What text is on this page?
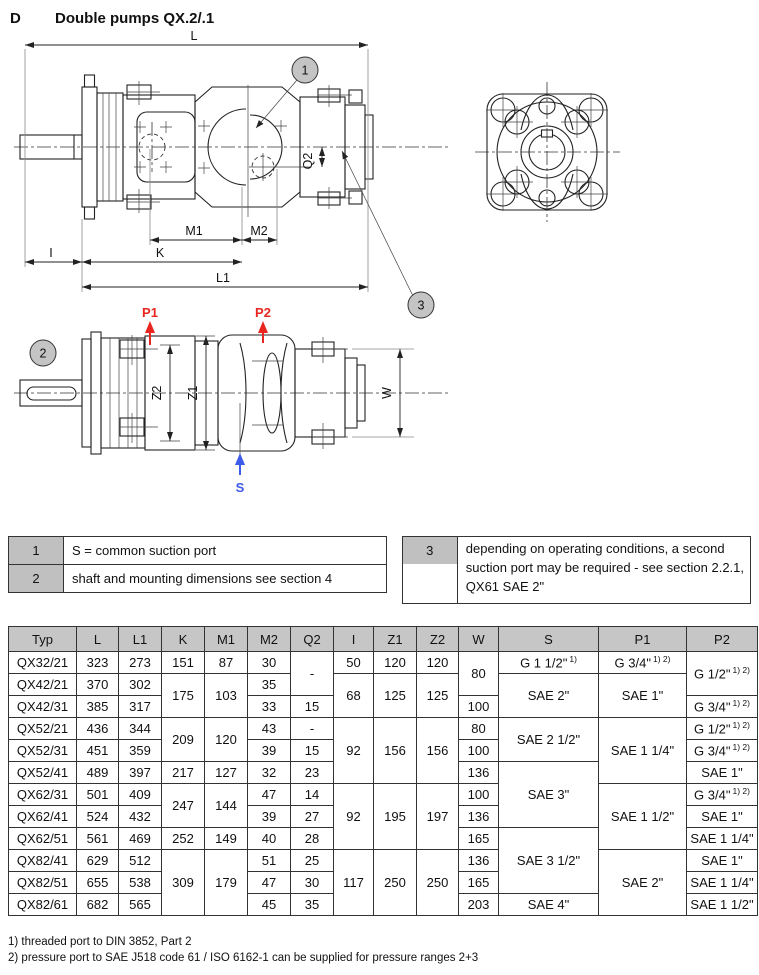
D	Double pumps QX.2/.1
Q2
L
M1	M2
I	K
L1
1
3
Z2 Z1	W
P1	P2
S
2
1	S = common suction port
2	shaft and mounting dimensions see section 4
3	depending on operating conditions, a second suction port may be required - see section 2.2.1, QX61 SAE 2"
Typ	L	L1	K	M1	M2	Q2	I	Z1	Z2	W	S	P1	P2
QX32/21	323	273	151	87	30	-	50	120	120	80	G 1 1/2" $^{1)}$	G 3/4" $^{1) 2)}$	G 1/2" $^{1) 2)}$
QX42/21	370	302	175	103	35		68	125	125		SAE 2"	SAE 1"	
QX42/31	385	317			33	15				100			G 3/4" $^{1) 2)}$
QX52/21	436	344	209	120	43	-	92	156	156	80	SAE 2 1/2"	SAE 1 1/4"	G 1/2" $^{1) 2)}$
QX52/31	451	359			39	15				100			G 3/4" $^{1) 2)}$
QX52/41	489	397	217	127	32	23				136	SAE 3"		SAE 1"
QX62/31	501	409	247	144	47	14	92	195	197	100		SAE 1 1/2"	G 3/4" $^{1) 2)}$
QX62/41	524	432			39	27				136			SAE 1"
QX62/51	561	469	252	149	40	28				165	SAE 3 1/2"		SAE 1 1/4"
QX82/41	629	512	309	179	51	25	117	250	250	136		SAE 2"	SAE 1"
QX82/51	655	538			47	30				165			SAE 1 1/4"
QX82/61	682	565			45	35				203	SAE 4"		SAE 1 1/2"
1) threaded port to DIN 3852, Part 2
2) pressure port to SAE J518 code 61 / ISO 6162-1 can be supplied for pressure ranges 2+3
